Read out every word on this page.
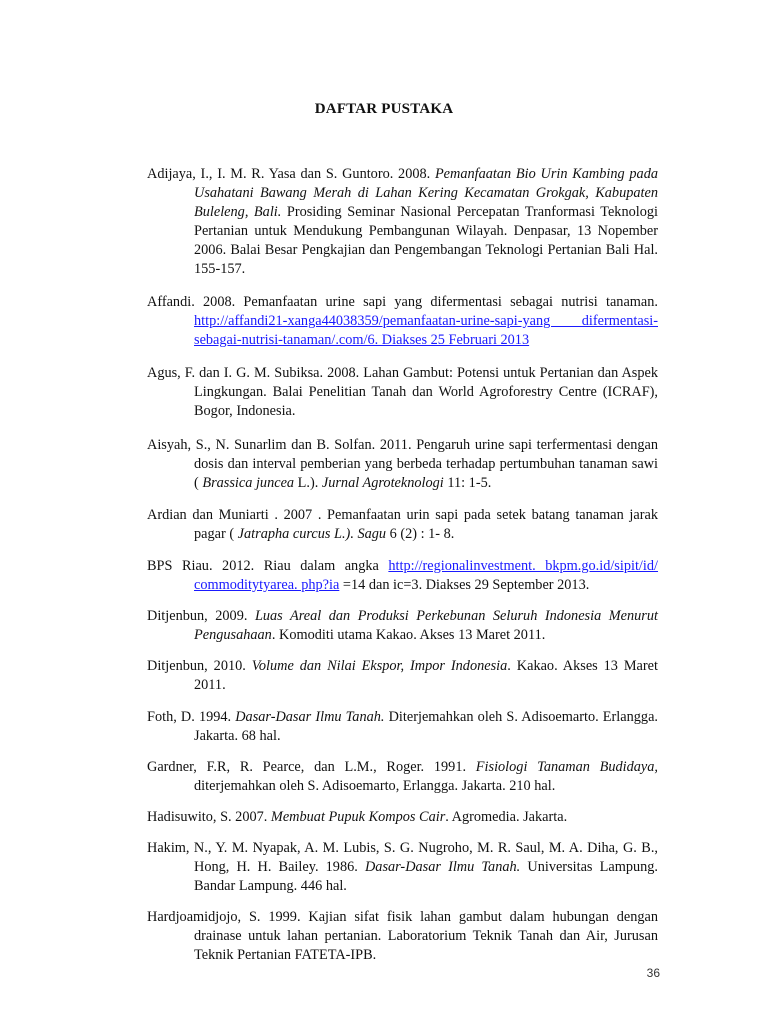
DAFTAR PUSTAKA

Adijaya, I., I. M. R. Yasa dan S. Guntoro. 2008. Pemanfaatan Bio Urin Kambing pada Usahatani Bawang Merah di Lahan Kering Kecamatan Grokgak, Kabupaten Buleleng, Bali. Prosiding Seminar Nasional Percepatan Tranformasi Teknologi Pertanian untuk Mendukung Pembangunan Wilayah. Denpasar, 13 Nopember 2006. Balai Besar Pengkajian dan Pengembangan Teknologi Pertanian Bali Hal. 155-157.

Affandi. 2008. Pemanfaatan urine sapi yang difermentasi sebagai nutrisi tanaman. http://affandi21-xanga44038359/pemanfaatan-urine-sapi-yang difermentasi-sebagai-nutrisi-tanaman/.com/6. Diakses 25 Februari 2013

Agus, F. dan I. G. M. Subiksa. 2008. Lahan Gambut: Potensi untuk Pertanian dan Aspek Lingkungan. Balai Penelitian Tanah dan World Agroforestry Centre (ICRAF), Bogor, Indonesia.

Aisyah, S., N. Sunarlim dan B. Solfan. 2011. Pengaruh urine sapi terfermentasi dengan dosis dan interval pemberian yang berbeda terhadap pertumbuhan tanaman sawi ( Brassica juncea L.). Jurnal Agroteknologi 11: 1-5.

Ardian dan Muniarti . 2007 . Pemanfaatan urin sapi pada setek batang tanaman jarak pagar ( Jatrapha curcus L.). Sagu 6 (2) : 1- 8.

BPS Riau. 2012. Riau dalam angka http://regionalinvestment. bkpm.go.id/sipit/id/ commoditytyarea. php?ia =14 dan ic=3. Diakses 29 September 2013.

Ditjenbun, 2009. Luas Areal dan Produksi Perkebunan Seluruh Indonesia Menurut Pengusahaan. Komoditi utama Kakao. Akses 13 Maret 2011.

Ditjenbun, 2010. Volume dan Nilai Ekspor, Impor Indonesia. Kakao. Akses 13 Maret 2011.

Foth, D. 1994. Dasar-Dasar Ilmu Tanah. Diterjemahkan oleh S. Adisoemarto. Erlangga. Jakarta. 68 hal.

Gardner, F.R, R. Pearce, dan L.M., Roger. 1991. Fisiologi Tanaman Budidaya, diterjemahkan oleh S. Adisoemarto, Erlangga. Jakarta. 210 hal.

Hadisuwito, S. 2007. Membuat Pupuk Kompos Cair. Agromedia. Jakarta.

Hakim, N., Y. M. Nyapak, A. M. Lubis, S. G. Nugroho, M. R. Saul, M. A. Diha, G. B., Hong, H. H. Bailey. 1986. Dasar-Dasar Ilmu Tanah. Universitas Lampung. Bandar Lampung. 446 hal.

Hardjoamidjojo, S. 1999. Kajian sifat fisik lahan gambut dalam hubungan dengan drainase untuk lahan pertanian. Laboratorium Teknik Tanah dan Air, Jurusan Teknik Pertanian FATETA-IPB.

36
